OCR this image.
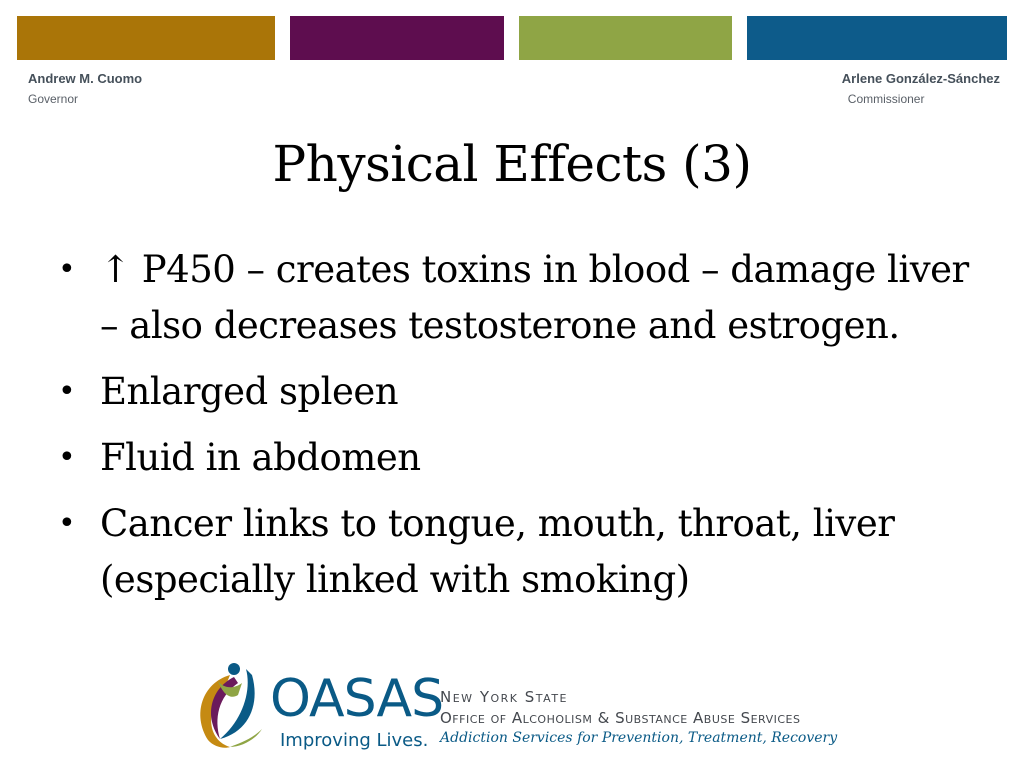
Andrew M. Cuomo
Governor
Arlene González-Sánchez
Commissioner
Physical Effects (3)
• ↑ P450 – creates toxins in blood – damage liver – also decreases testosterone and estrogen.
• Enlarged spleen
• Fluid in abdomen
• Cancer links to tongue, mouth, throat, liver (especially linked with smoking)
OASAS
Improving Lives.
New York State
Office of Alcoholism & Substance Abuse Services
Addiction Services for Prevention, Treatment, Recovery
